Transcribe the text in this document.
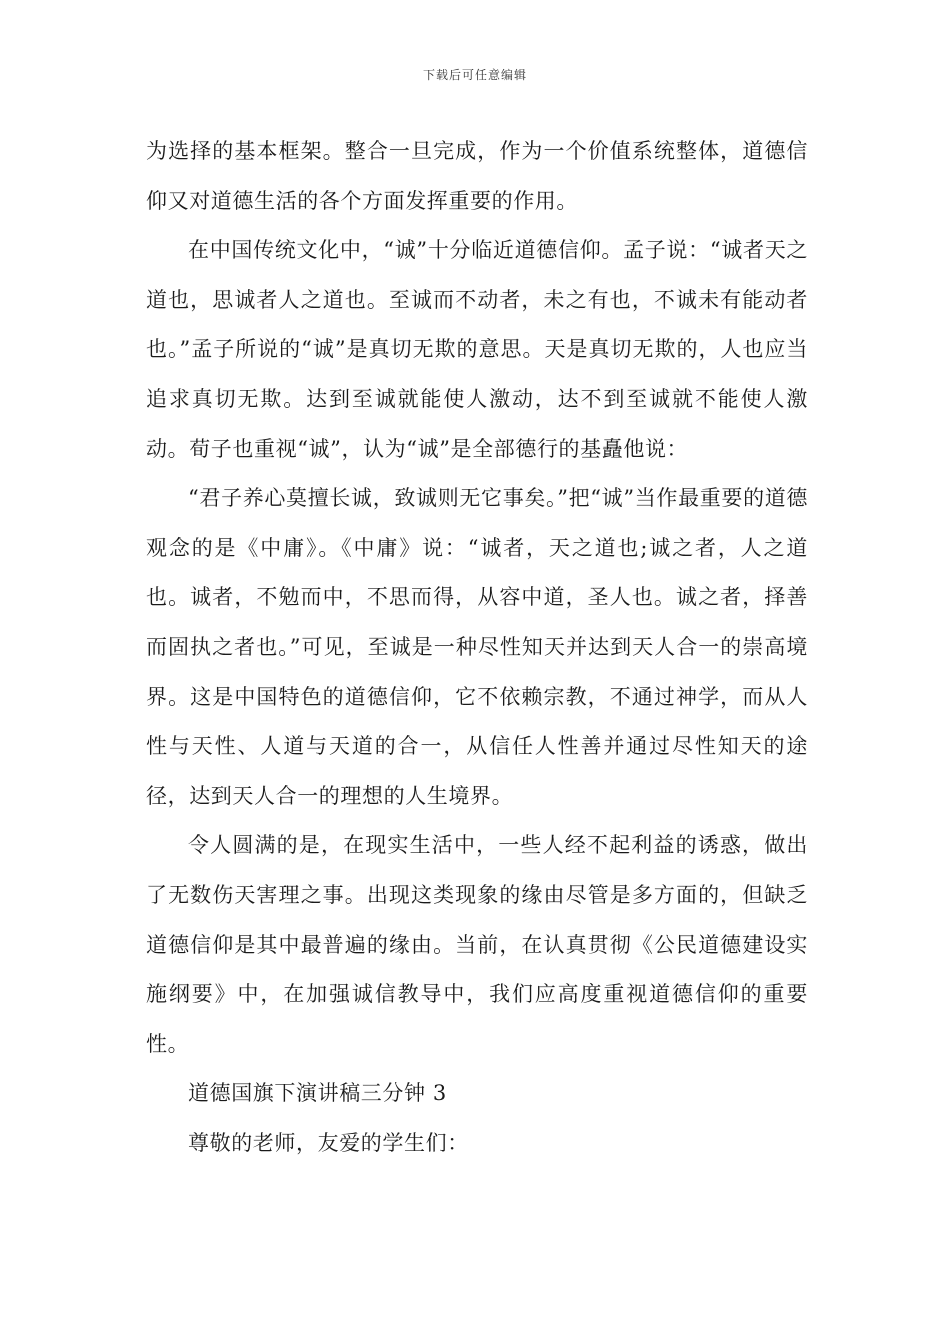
下载后可任意编辑

为选择的基本框架。整合一旦完成，作为一个价值系统整体，道德信仰又对道德生活的各个方面发挥重要的作用。

在中国传统文化中，“诚”十分临近道德信仰。孟子说：“诚者天之道也，思诚者人之道也。至诚而不动者，未之有也，不诚未有能动者也。”孟子所说的“诚”是真切无欺的意思。天是真切无欺的，人也应当追求真切无欺。达到至诚就能使人激动，达不到至诚就不能使人激动。荀子也重视“诚”，认为“诚”是全部德行的基矗他说：

“君子养心莫擅长诚，致诚则无它事矣。”把“诚”当作最重要的道德观念的是《中庸》。《中庸》说：“诚者，天之道也;诚之者，人之道也。诚者，不勉而中，不思而得，从容中道，圣人也。诚之者，择善而固执之者也。”可见，至诚是一种尽性知天并达到天人合一的崇高境界。这是中国特色的道德信仰，它不依赖宗教，不通过神学，而从人性与天性、人道与天道的合一，从信任人性善并通过尽性知天的途径，达到天人合一的理想的人生境界。

令人圆满的是，在现实生活中，一些人经不起利益的诱惑，做出了无数伤天害理之事。出现这类现象的缘由尽管是多方面的，但缺乏道德信仰是其中最普遍的缘由。当前，在认真贯彻《公民道德建设实施纲要》中，在加强诚信教导中，我们应高度重视道德信仰的重要性。

道德国旗下演讲稿三分钟 3

尊敬的老师，友爱的学生们：
